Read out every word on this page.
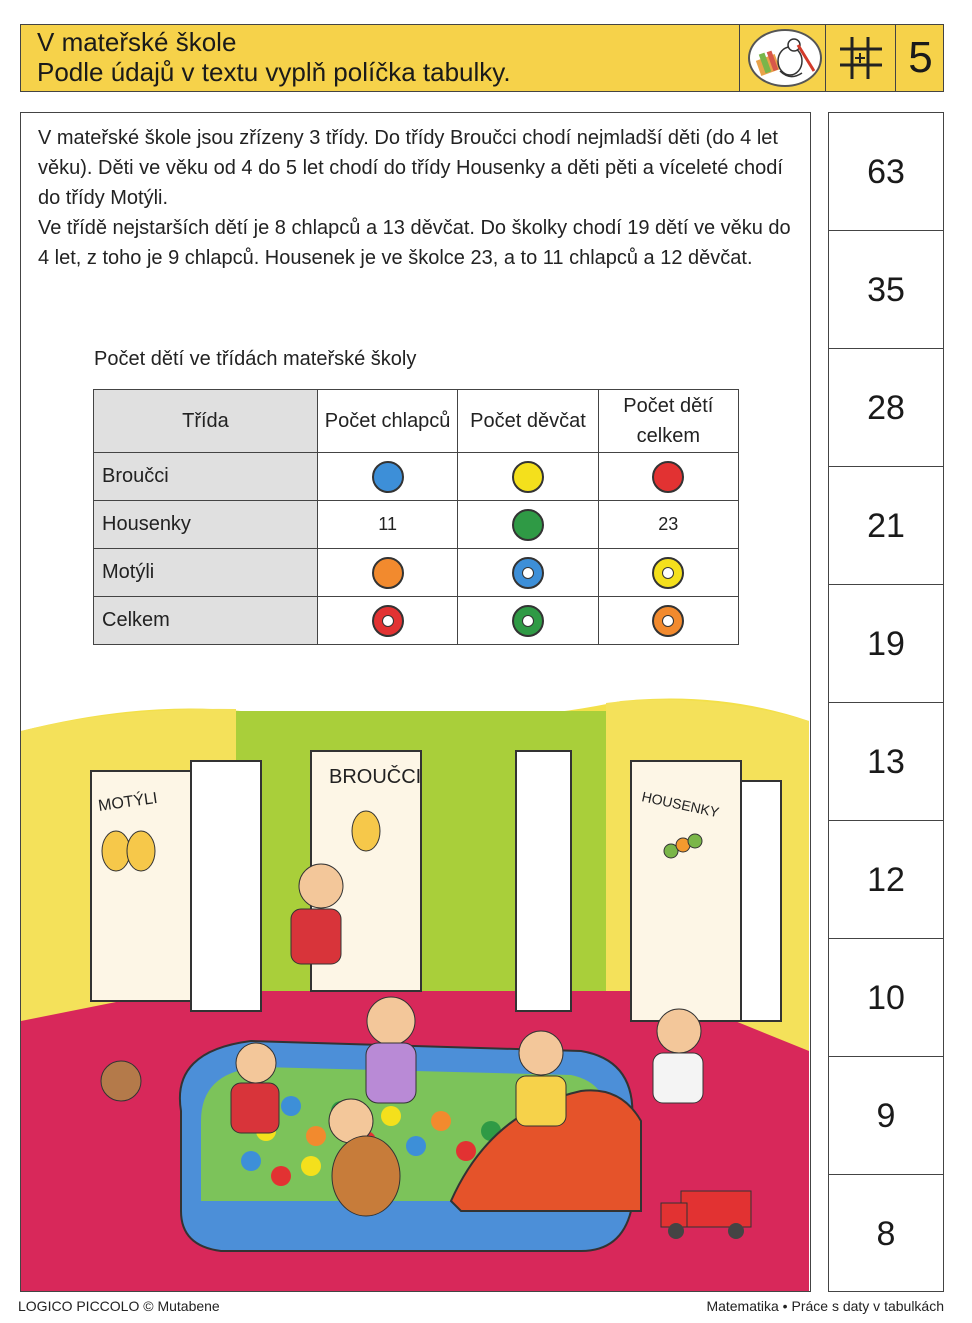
V mateřské škole
Podle údajů v textu vyplň políčka tabulky.	5

V mateřské škole jsou zřízeny 3 třídy. Do třídy Broučci chodí nejmladší děti (do 4 let věku). Děti ve věku od 4 do 5 let chodí do třídy Housenky a děti pěti a víceleté chodí do třídy Motýli.

Ve třídě nejstarších dětí je 8 chlapců a 13 děvčat. Do školky chodí 19 dětí ve věku do 4 let, z toho je 9 chlapců. Housenek je ve školce 23, a to 11 chlapců a 12 děvčat.

Počet dětí ve třídách mateřské školy
Třída	Počet chlapců	Počet děvčat	Počet dětí celkem
Broučci			
Housenky	11		23
Motýli			
Celkem			
MOTÝLI
BROUČCI
HOUSENKY
63
35
28
21
19
13
12
10
9
8
LOGICO PICCOLO © Mutabene	Matematika • Práce s daty v tabulkách
